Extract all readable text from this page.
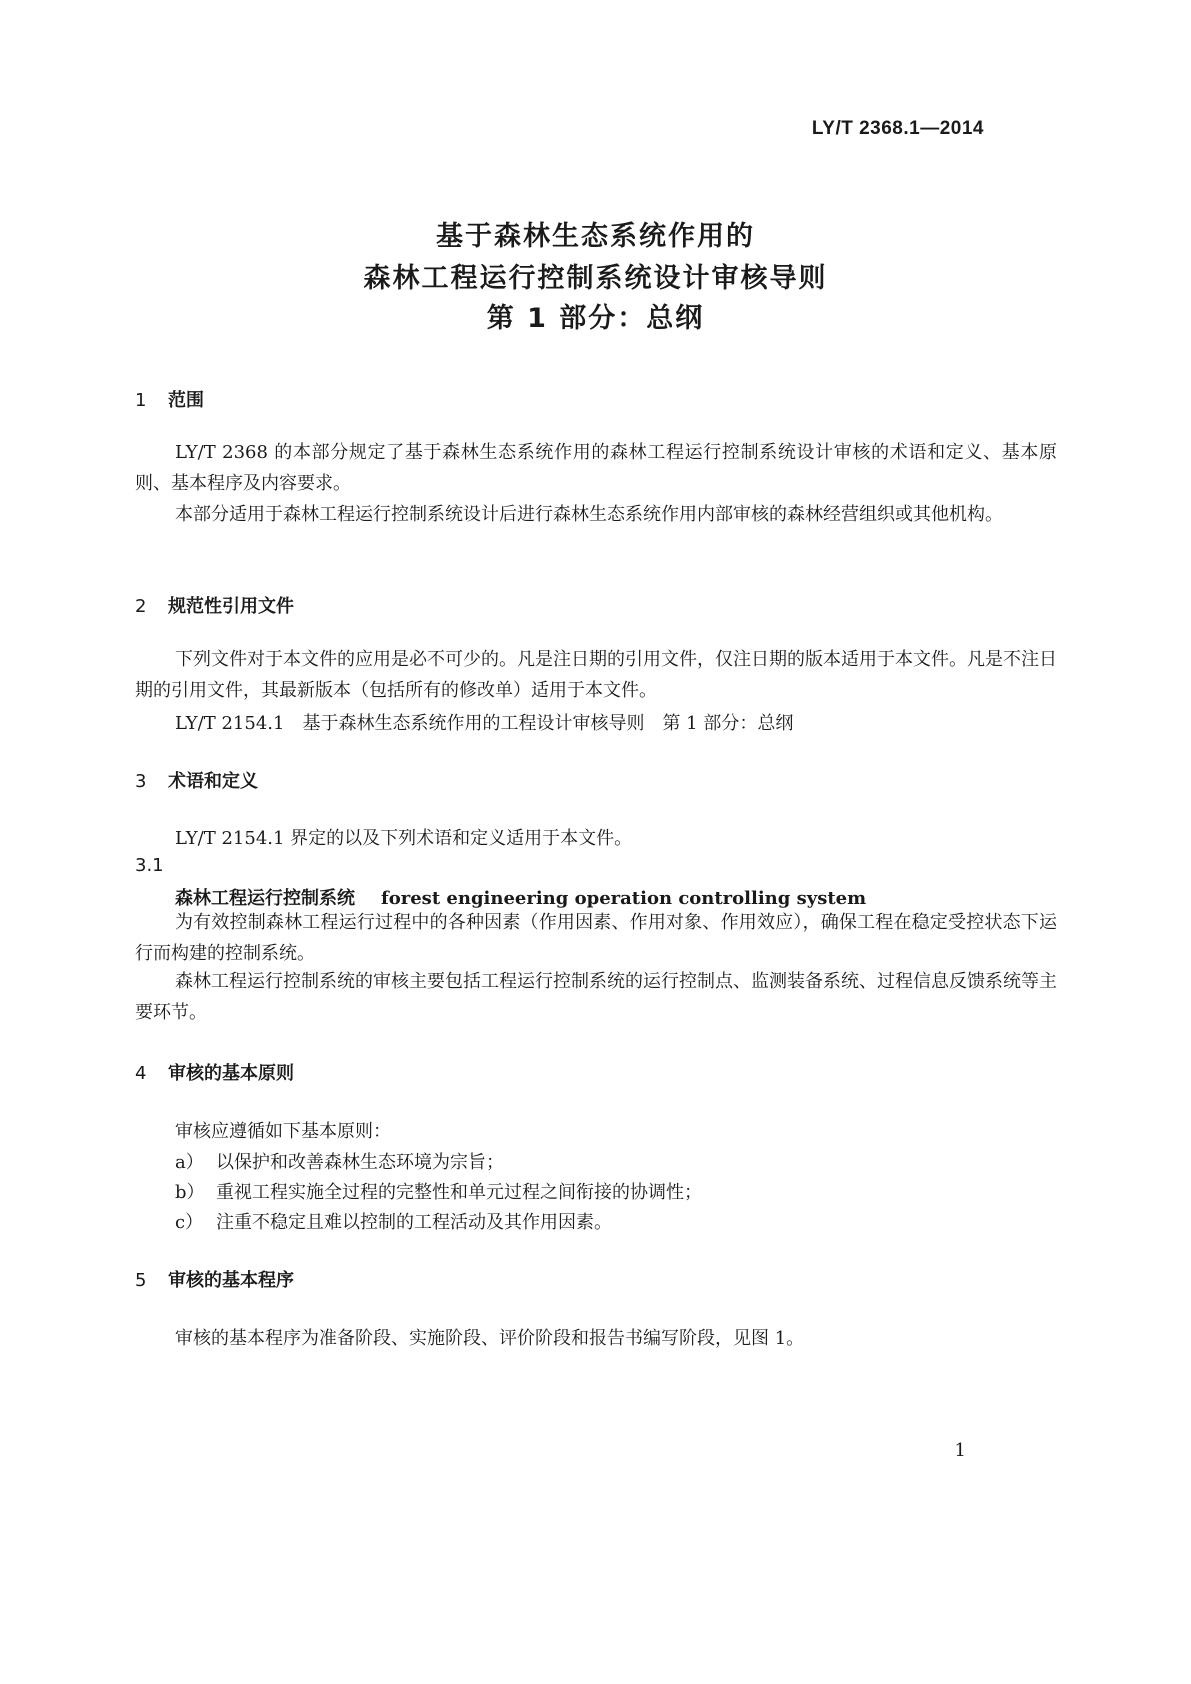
LY/T 2368.1—2014
基于森林生态系统作用的
森林工程运行控制系统设计审核导则
第 1 部分：总纲
1 范围

LY/T 2368 的本部分规定了基于森林生态系统作用的森林工程运行控制系统设计审核的术语和定义、基本原则、基本程序及内容要求。

本部分适用于森林工程运行控制系统设计后进行森林生态系统作用内部审核的森林经营组织或其他机构。

2 规范性引用文件

下列文件对于本文件的应用是必不可少的。凡是注日期的引用文件，仅注日期的版本适用于本文件。凡是不注日期的引用文件，其最新版本（包括所有的修改单）适用于本文件。

LY/T 2154.1　基于森林生态系统作用的工程设计审核导则　第 1 部分：总纲
3 术语和定义
LY/T 2154.1 界定的以及下列术语和定义适用于本文件。
3.1
森林工程运行控制系统 forest engineering operation controlling system

为有效控制森林工程运行过程中的各种因素（作用因素、作用对象、作用效应），确保工程在稳定受控状态下运行而构建的控制系统。

森林工程运行控制系统的审核主要包括工程运行控制系统的运行控制点、监测装备系统、过程信息反馈系统等主要环节。

4 审核的基本原则
审核应遵循如下基本原则：
a） 以保护和改善森林生态环境为宗旨；
b） 重视工程实施全过程的完整性和单元过程之间衔接的协调性；
c） 注重不稳定且难以控制的工程活动及其作用因素。
5 审核的基本程序
审核的基本程序为准备阶段、实施阶段、评价阶段和报告书编写阶段，见图 1。
1
